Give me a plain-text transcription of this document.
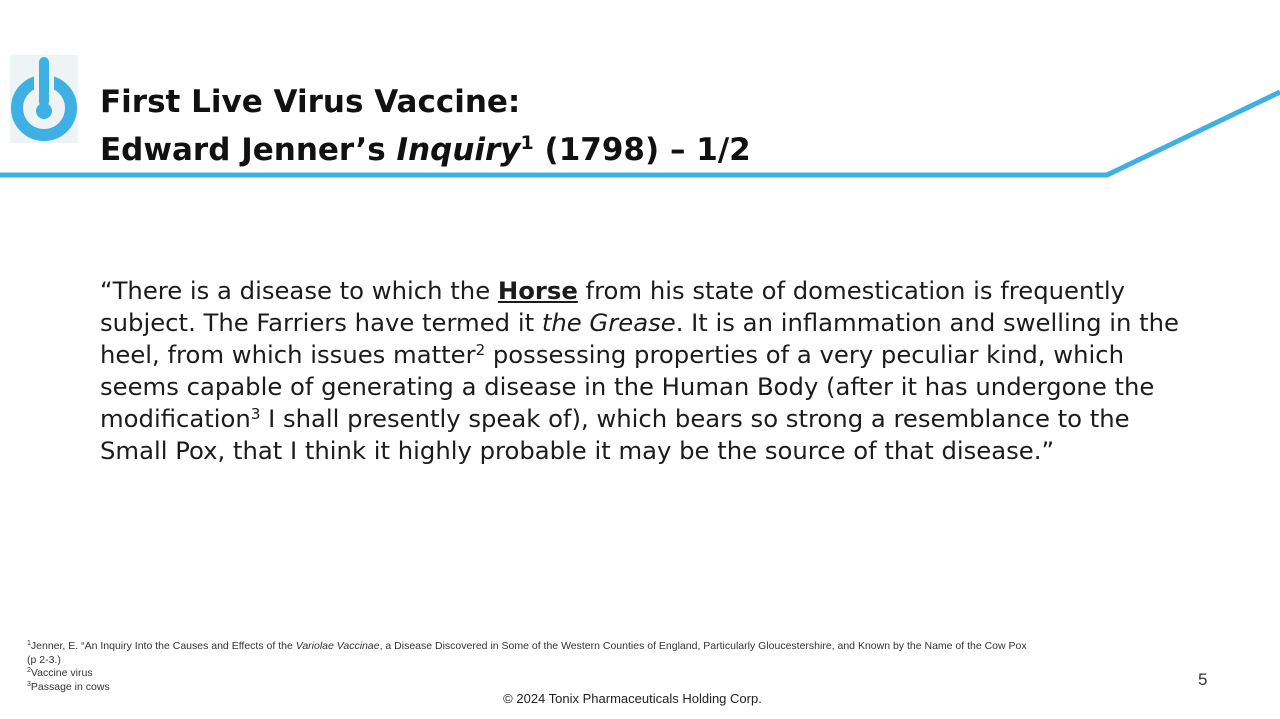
First Live Virus Vaccine:
Edward Jenner’s Inquiry$^1$ (1798) – 1/2

“There is a disease to which the Horse from his state of domestication is frequently subject. The Farriers have termed it the Grease. It is an inflammation and swelling in the heel, from which issues matter$^2$ possessing properties of a very peculiar kind, which seems capable of generating a disease in the Human Body (after it has undergone the modification$^3$ I shall presently speak of), which bears so strong a resemblance to the Small Pox, that I think it highly probable it may be the source of that disease.”

$^1$Jenner, E. “An Inquiry Into the Causes and Effects of the Variolae Vaccinae, a Disease Discovered in Some of the Western Counties of England, Particularly Gloucestershire, and Known by the Name of the Cow Pox (p 2-3.)
$^2$Vaccine virus
$^3$Passage in cows	5
© 2024 Tonix Pharmaceuticals Holding Corp.
